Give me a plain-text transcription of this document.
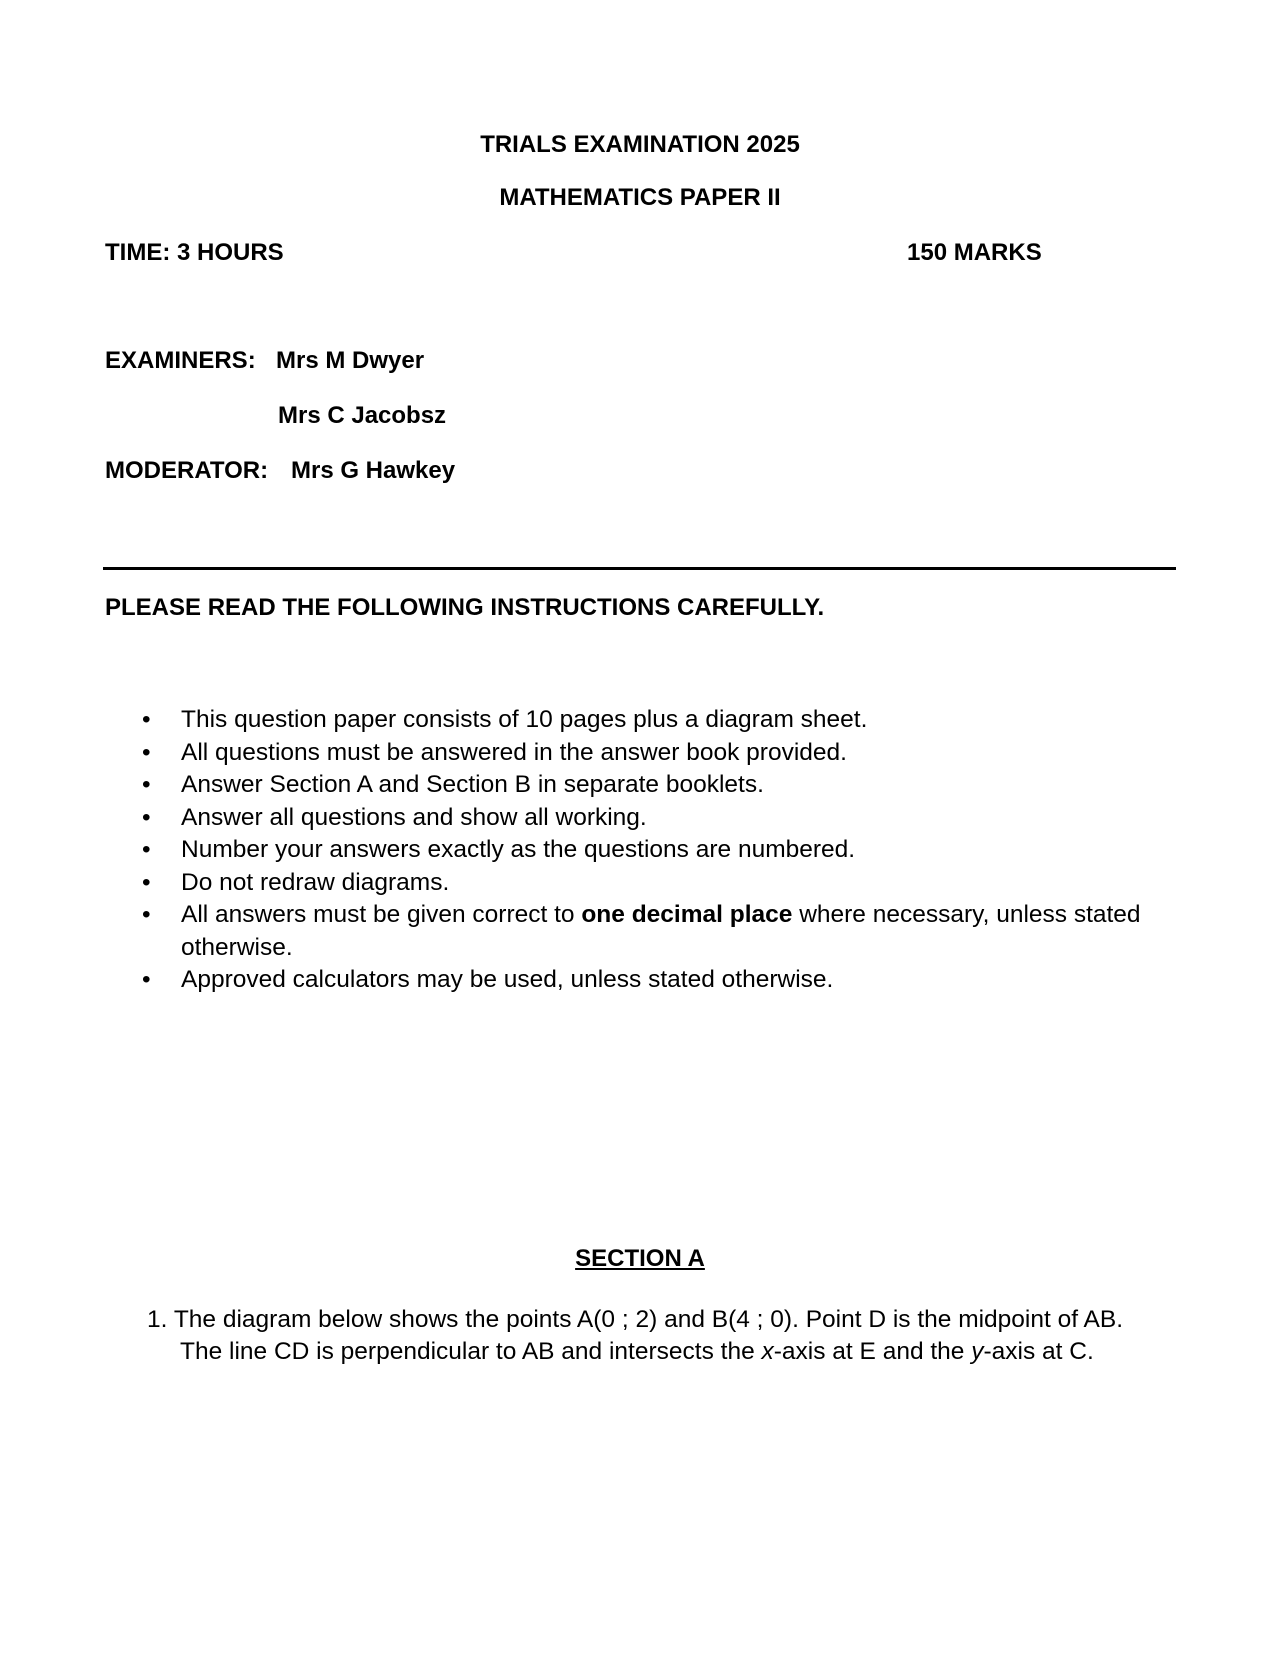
TRIALS EXAMINATION 2025
MATHEMATICS PAPER II
TIME: 3 HOURS	150 MARKS
EXAMINERS: Mrs M Dwyer
Mrs C Jacobsz
MODERATOR: Mrs G Hawkey
PLEASE READ THE FOLLOWING INSTRUCTIONS CAREFULLY.
• This question paper consists of 10 pages plus a diagram sheet.
• All questions must be answered in the answer book provided.
• Answer Section A and Section B in separate booklets.
• Answer all questions and show all working.
• Number your answers exactly as the questions are numbered.
• Do not redraw diagrams.
• All answers must be given correct to one decimal place where necessary, unless stated otherwise.
• Approved calculators may be used, unless stated otherwise.
SECTION A
1. The diagram below shows the points A(0 ; 2) and B(4 ; 0). Point D is the midpoint of AB.
The line CD is perpendicular to AB and intersects the x-axis at E and the y-axis at C.
